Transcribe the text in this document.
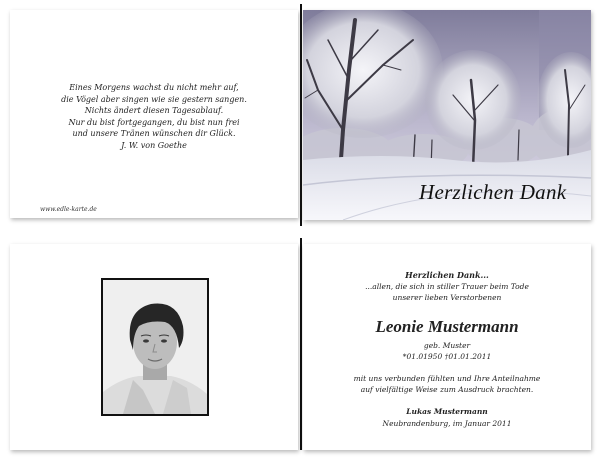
Eines Morgens wachst du nicht mehr auf,
die Vögel aber singen wie sie gestern sangen.
Nichts ändert diesen Tagesablauf.
Nur du bist fortgegangen, du bist nun frei
und unsere Tränen wünschen dir Glück.
J. W. von Goethe
www.edle-karte.de
Herzlichen Dank
Herzlichen Dank...
...allen, die sich in stiller Trauer beim Tode
unserer lieben Verstorbenen
Leonie Mustermann
geb. Muster
*01.01950 †01.01.2011
mit uns verbunden fühlten und Ihre Anteilnahme
auf vielfältige Weise zum Ausdruck brachten.
Lukas Mustermann
Neubrandenburg, im Januar 2011
